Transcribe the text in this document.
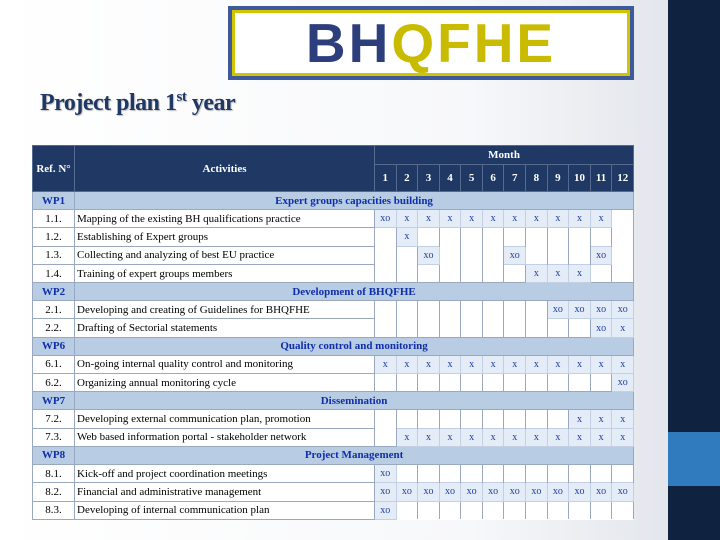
BH QFHE
Project plan 1st year
Ref. N°	Activities	Month											
		1	2	3	4	5	6	7	8	9	10	11	12
WP1	Expert groups capacities building												
1.1.	Mapping of the existing BH qualifications practice	xo	x	x	x	x	x	x	x	x	x	x	
1.2.	Establishing of Expert groups		x										
1.3.	Collecting and analyzing of best EU practice			xo				xo				xo	
1.4.	Training of expert groups members								x	x	x		
WP2	Development of BHQFHE												
2.1.	Developing and creating of Guidelines for BHQFHE									xo	xo	xo	xo
2.2.	Drafting of Sectorial statements											xo	x
WP6	Quality control and monitoring												
6.1.	On-going internal quality control and monitoring	x	x	x	x	x	x	x	x	x	x	x	x
6.2.	Organizing annual monitoring cycle												xo
WP7	Dissemination												
7.2.	Developing external communication plan, promotion										x	x	x
7.3.	Web based information portal - stakeholder network		x	x	x	x	x	x	x	x	x	x	x
WP8	Project Management												
8.1.	Kick-off and project coordination meetings	xo											
8.2.	Financial and administrative management	xo	xo	xo	xo	xo	xo	xo	xo	xo	xo	xo	xo
8.3.	Developing of internal communication plan	xo											
